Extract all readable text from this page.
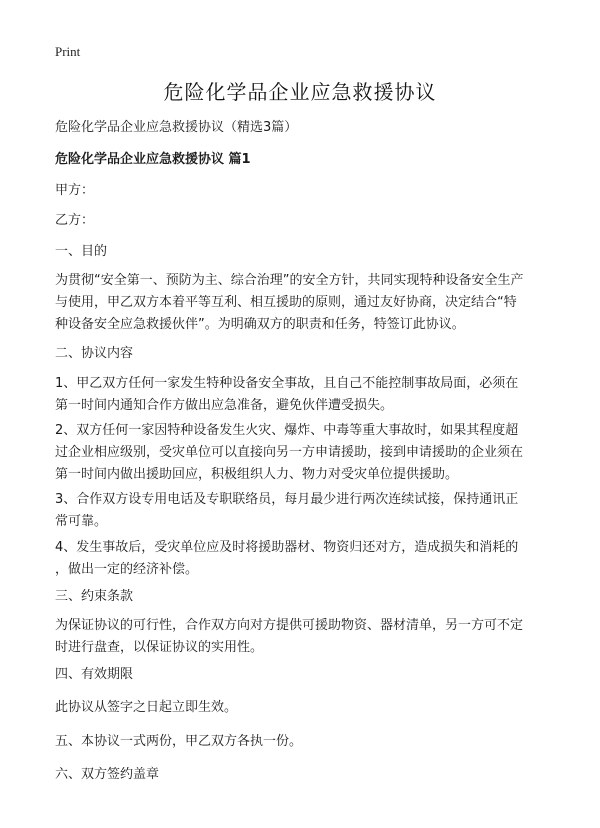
Print
危险化学品企业应急救援协议
危险化学品企业应急救援协议（精选3篇）
危险化学品企业应急救援协议 篇1
甲方：
乙方：
一、目的
为贯彻“安全第一、预防为主、综合治理”的安全方针，共同实现特种设备安全生产
与使用，甲乙双方本着平等互利、相互援助的原则，通过友好协商，决定结合“特
种设备安全应急救援伙伴”。为明确双方的职责和任务，特签订此协议。
二、协议内容
1、甲乙双方任何一家发生特种设备安全事故，且自己不能控制事故局面，必须在
第一时间内通知合作方做出应急准备，避免伙伴遭受损失。
2、双方任何一家因特种设备发生火灾、爆炸、中毒等重大事故时，如果其程度超
过企业相应级别，受灾单位可以直接向另一方申请援助，接到申请援助的企业须在
第一时间内做出援助回应，积极组织人力、物力对受灾单位提供援助。
3、合作双方设专用电话及专职联络员，每月最少进行两次连续试接，保持通讯正
常可靠。
4、发生事故后，受灾单位应及时将援助器材、物资归还对方，造成损失和消耗的
，做出一定的经济补偿。
三、约束条款
为保证协议的可行性，合作双方向对方提供可援助物资、器材清单，另一方可不定
时进行盘查，以保证协议的实用性。
四、有效期限
此协议从签字之日起立即生效。
五、本协议一式两份，甲乙双方各执一份。
六、双方签约盖章
